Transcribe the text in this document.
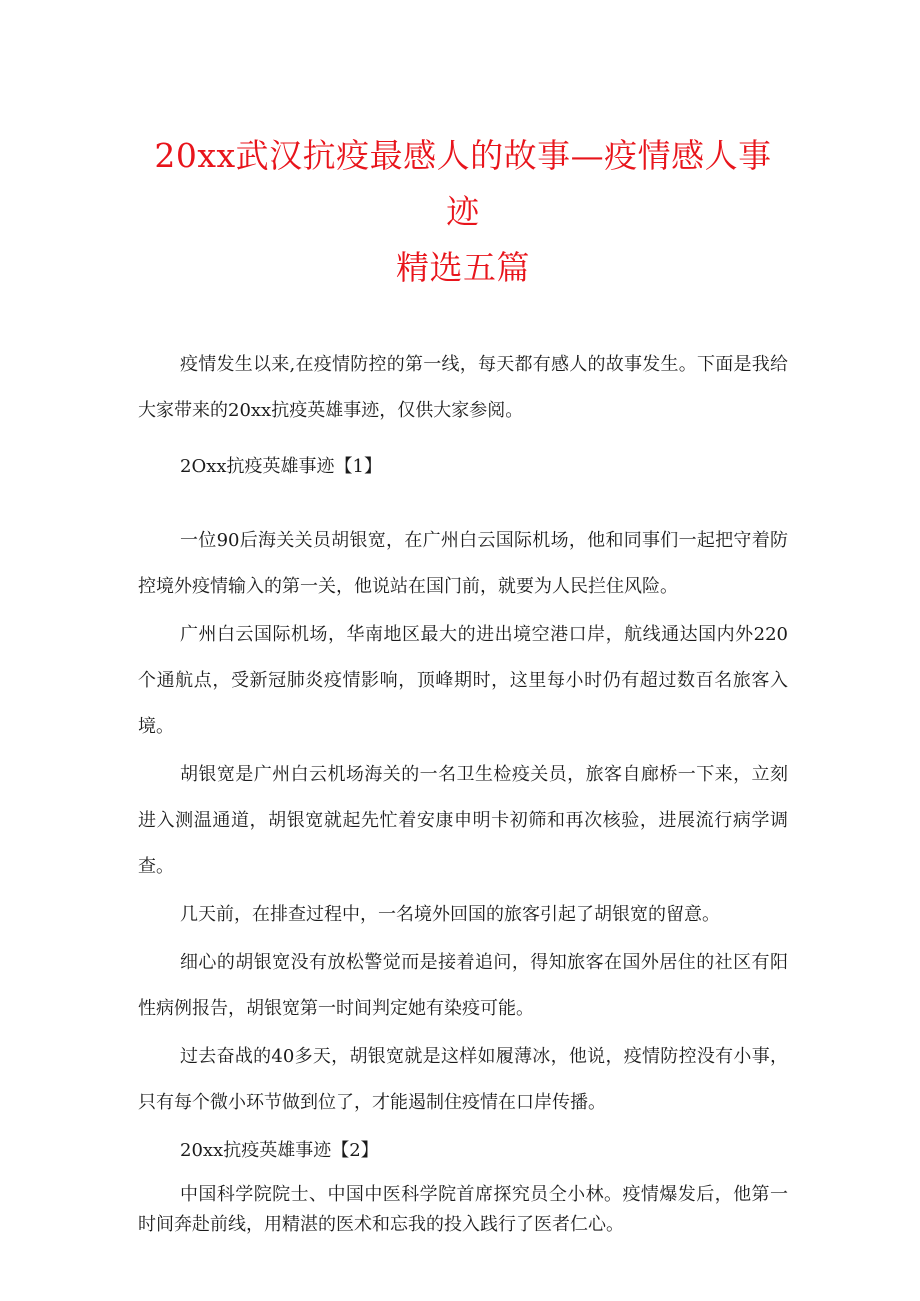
20xx武汉抗疫最感人的故事—疫情感人事迹
精选五篇

疫情发生以来,在疫情防控的第一线，每天都有感人的故事发生。下面是我给大家带来的20xx抗疫英雄事迹，仅供大家参阅。

2Oxx抗疫英雄事迹【1】

一位90后海关关员胡银宽，在广州白云国际机场，他和同事们一起把守着防控境外疫情输入的第一关，他说站在国门前，就要为人民拦住风险。

广州白云国际机场，华南地区最大的进出境空港口岸，航线通达国内外220个通航点，受新冠肺炎疫情影响，顶峰期时，这里每小时仍有超过数百名旅客入境。

胡银宽是广州白云机场海关的一名卫生检疫关员，旅客自廊桥一下来，立刻进入测温通道，胡银宽就起先忙着安康申明卡初筛和再次核验，进展流行病学调查。

几天前，在排查过程中，一名境外回国的旅客引起了胡银宽的留意。

细心的胡银宽没有放松警觉而是接着追问，得知旅客在国外居住的社区有阳性病例报告，胡银宽第一时间判定她有染疫可能。

过去奋战的40多天，胡银宽就是这样如履薄冰，他说，疫情防控没有小事，只有每个微小环节做到位了，才能遏制住疫情在口岸传播。

20xx抗疫英雄事迹【2】

中国科学院院士、中国中医科学院首席探究员仝小林。疫情爆发后，他第一时间奔赴前线，用精湛的医术和忘我的投入践行了医者仁心。
